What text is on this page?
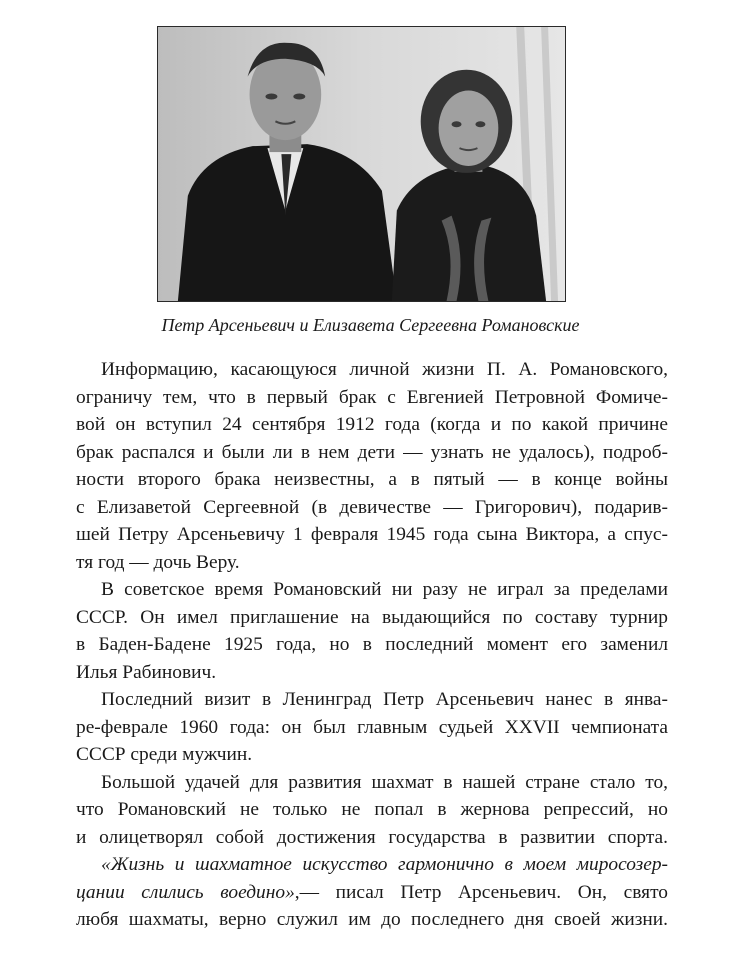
Петр Арсеньевич и Елизавета Сергеевна Романовские
Информацию, касающуюся личной жизни П. А. Романовского,
ограничу тем, что в первый брак с Евгенией Петровной Фомиче-
вой он вступил 24 сентября 1912 года (когда и по какой причине
брак распался и были ли в нем дети — узнать не удалось), подроб-
ности второго брака неизвестны, а в пятый — в конце войны
с Елизаветой Сергеевной (в девичестве — Григорович), подарив-
шей Петру Арсеньевичу 1 февраля 1945 года сына Виктора, а спус-
тя год — дочь Веру.
В советское время Романовский ни разу не играл за пределами
СССР. Он имел приглашение на выдающийся по составу турнир
в Баден-Бадене 1925 года, но в последний момент его заменил
Илья Рабинович.
Последний визит в Ленинград Петр Арсеньевич нанес в янва-
ре-феврале 1960 года: он был главным судьей XXVII чемпионата
СССР среди мужчин.
Большой удачей для развития шахмат в нашей стране стало то,
что Романовский не только не попал в жернова репрессий, но
и олицетворял собой достижения государства в развитии спорта.
«Жизнь и шахматное искусство гармонично в моем миросозер-
цании слились воедино»,— писал Петр Арсеньевич. Он, свято
любя шахматы, верно служил им до последнего дня своей жизни.
